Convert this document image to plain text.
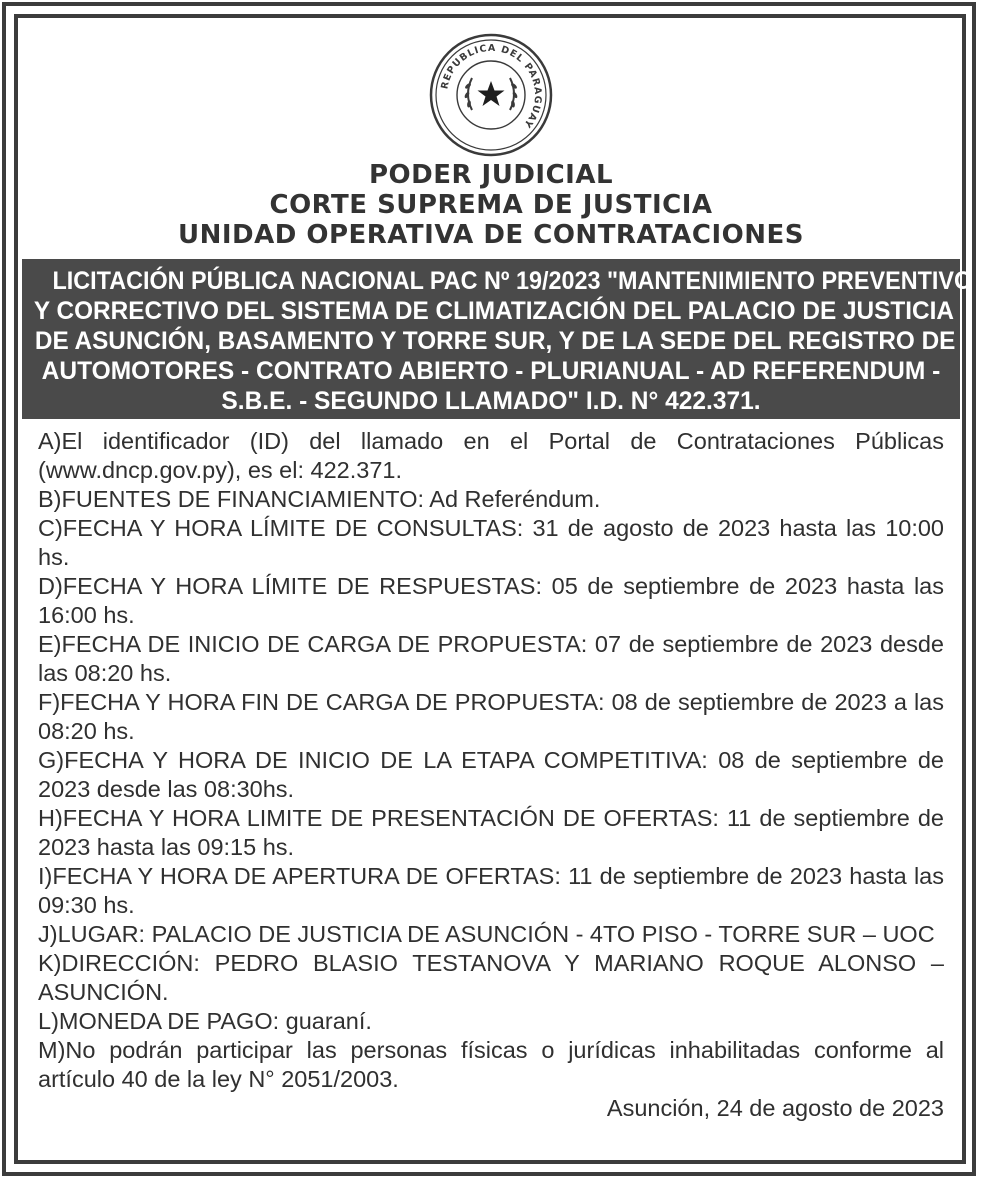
REPUBLICA DEL PARAGUAY
PODER JUDICIAL
CORTE SUPREMA DE JUSTICIA
UNIDAD OPERATIVA DE CONTRATACIONES
LICITACIÓN PÚBLICA NACIONAL PAC Nº 19/2023 "MANTENIMIENTO PREVENTIVO
Y CORRECTIVO DEL SISTEMA DE CLIMATIZACIÓN DEL PALACIO DE JUSTICIA
DE ASUNCIÓN, BASAMENTO Y TORRE SUR, Y DE LA SEDE DEL REGISTRO DE
AUTOMOTORES - CONTRATO ABIERTO - PLURIANUAL - AD REFERENDUM -
S.B.E. - SEGUNDO LLAMADO" I.D. N° 422.371.
A)El identificador (ID) del llamado en el Portal de Contrataciones Públicas (www.dncp.gov.py), es el: 422.371.
B)FUENTES DE FINANCIAMIENTO: Ad Referéndum.
C)FECHA Y HORA LÍMITE DE CONSULTAS: 31 de agosto de 2023 hasta las 10:00 hs.
D)FECHA Y HORA LÍMITE DE RESPUESTAS: 05 de septiembre de 2023 hasta las 16:00 hs.
E)FECHA DE INICIO DE CARGA DE PROPUESTA: 07 de septiembre de 2023 desde las 08:20 hs.
F)FECHA Y HORA FIN DE CARGA DE PROPUESTA: 08 de septiembre de 2023 a las 08:20 hs.
G)FECHA Y HORA DE INICIO DE LA ETAPA COMPETITIVA: 08 de septiembre de 2023 desde las 08:30hs.
H)FECHA Y HORA LIMITE DE PRESENTACIÓN DE OFERTAS: 11 de septiembre de 2023 hasta las 09:15 hs.
I)FECHA Y HORA DE APERTURA DE OFERTAS: 11 de septiembre de 2023 hasta las 09:30 hs.
J)LUGAR: PALACIO DE JUSTICIA DE ASUNCIÓN - 4TO PISO - TORRE SUR – UOC
K)DIRECCIÓN: PEDRO BLASIO TESTANOVA Y MARIANO ROQUE ALONSO – ASUNCIÓN.
L)MONEDA DE PAGO: guaraní.
M)No podrán participar las personas físicas o jurídicas inhabilitadas conforme al artículo 40 de la ley N° 2051/2003.
Asunción, 24 de agosto de 2023
